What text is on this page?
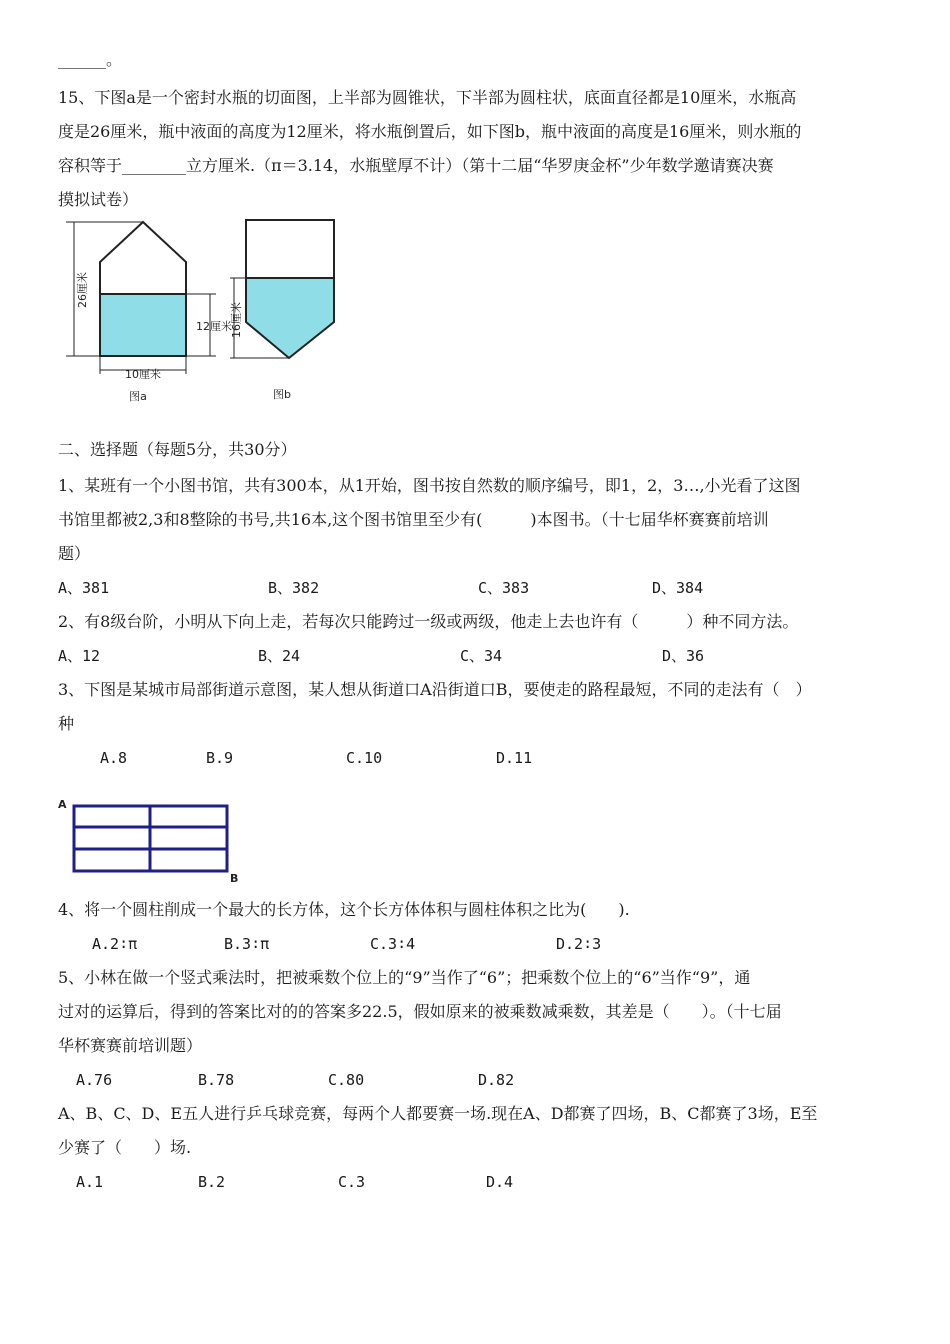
______。
15、下图a是一个密封水瓶的切面图，上半部为圆锥状，下半部为圆柱状，底面直径都是10厘米，水瓶高
度是26厘米，瓶中液面的高度为12厘米，将水瓶倒置后，如下图b，瓶中液面的高度是16厘米，则水瓶的
容积等于________立方厘米.（π＝3.14，水瓶壁厚不计）（第十二届“华罗庚金杯”少年数学邀请赛决赛
摸拟试卷）
26厘米
12厘米
10厘米
图a
16厘米
图b
二、选择题（每题5分，共30分）
1、某班有一个小图书馆，共有300本，从1开始，图书按自然数的顺序编号，即1，2，3…,小光看了这图
书馆里都被2,3和8整除的书号,共16本,这个图书馆里至少有(　　　)本图书。（十七届华杯赛赛前培训
题）
A、381	B、382	C、383	D、384
2、有8级台阶，小明从下向上走，若每次只能跨过一级或两级，他走上去也许有（　　　）种不同方法。
A、12	B、24	C、34	D、36
3、下图是某城市局部街道示意图，某人想从街道口A沿街道口B，要使走的路程最短，不同的走法有（　）
种
A.8	B.9	C.10	D.11
A
B
4、将一个圆柱削成一个最大的长方体，这个长方体体积与圆柱体积之比为(　　).
A.2∶π	B.3∶π	C.3∶4	D.2∶3
5、小林在做一个竖式乘法时，把被乘数个位上的“9”当作了“6”；把乘数个位上的“6”当作“9”，通
过对的运算后，得到的答案比对的的答案多22.5，假如原来的被乘数减乘数，其差是（　　）。（十七届
华杯赛赛前培训题）
A.76	B.78	C.80	D.82
A、B、C、D、E五人进行乒乓球竞赛，每两个人都要赛一场.现在A、D都赛了四场，B、C都赛了3场，E至
少赛了（　　）场.
A.1	B.2	C.3	D.4
